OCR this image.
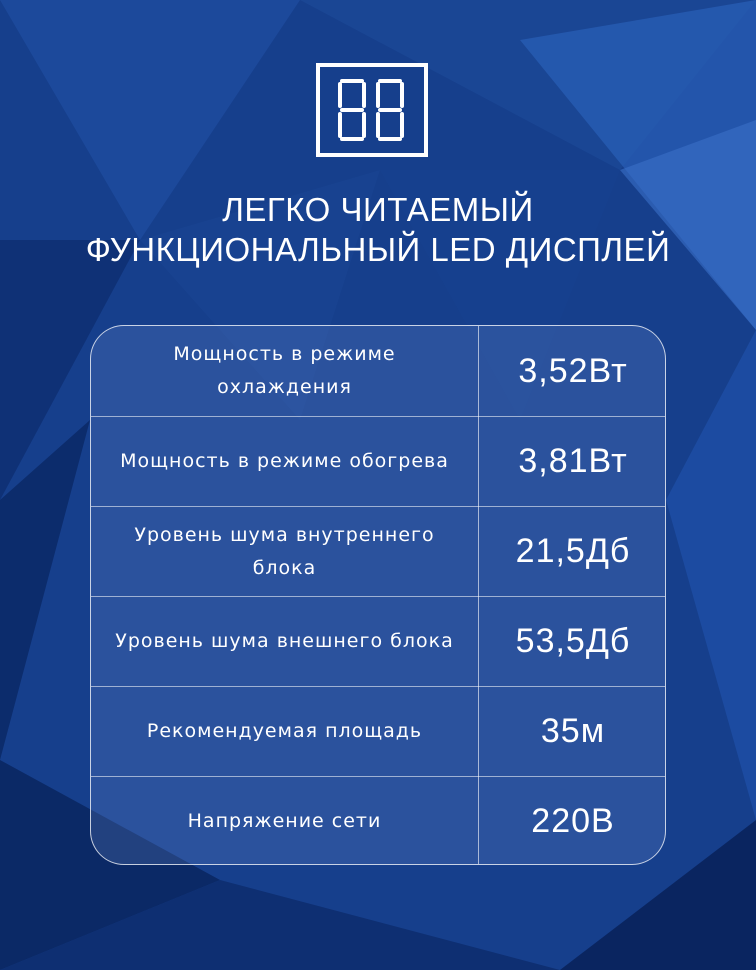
ЛЕГКО ЧИТАЕМЫЙ
ФУНКЦИОНАЛЬНЫЙ LED ДИСПЛЕЙ
Мощность в режиме охлаждения	3,52Вт
Мощность в режиме обогрева	3,81Вт
Уровень шума внутреннего блока	21,5Дб
Уровень шума внешнего блока	53,5Дб
Рекомендуемая площадь	35м
Напряжение сети	220В
